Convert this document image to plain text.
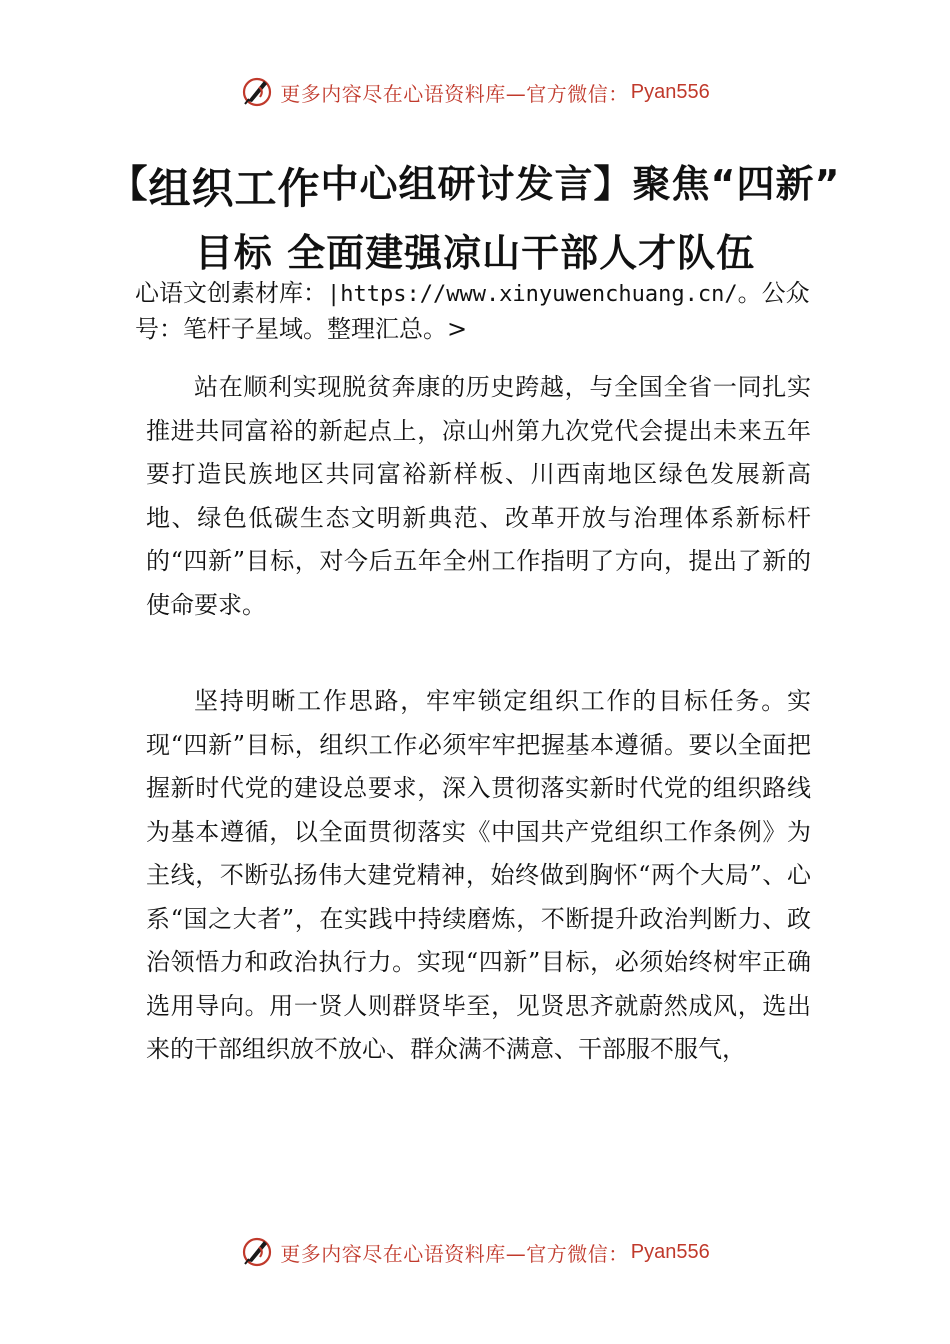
更多内容尽在心语资料库—官方微信： Pyan556
【组织工作中心组研讨发言】聚焦“四新”
目标 全面建强凉山干部人才队伍
心语文创素材库：|https://www.xinyuwenchuang.cn/。公众号：笔杆子星域。整理汇总。>
站在顺利实现脱贫奔康的历史跨越，与全国全省一同扎实推进共同富裕的新起点上，凉山州第九次党代会提出未来五年要打造民族地区共同富裕新样板、川西南地区绿色发展新高地、绿色低碳生态文明新典范、改革开放与治理体系新标杆的“四新”目标，对今后五年全州工作指明了方向，提出了新的使命要求。
坚持明晰工作思路，牢牢锁定组织工作的目标任务。实现“四新”目标，组织工作必须牢牢把握基本遵循。要以全面把握新时代党的建设总要求，深入贯彻落实新时代党的组织路线为基本遵循，以全面贯彻落实《中国共产党组织工作条例》为主线，不断弘扬伟大建党精神，始终做到胸怀“两个大局”、心系“国之大者”，在实践中持续磨炼，不断提升政治判断力、政治领悟力和政治执行力。实现“四新”目标，必须始终树牢正确选用导向。用一贤人则群贤毕至，见贤思齐就蔚然成风，选出来的干部组织放不放心、群众满不满意、干部服不服气，
更多内容尽在心语资料库—官方微信： Pyan556
